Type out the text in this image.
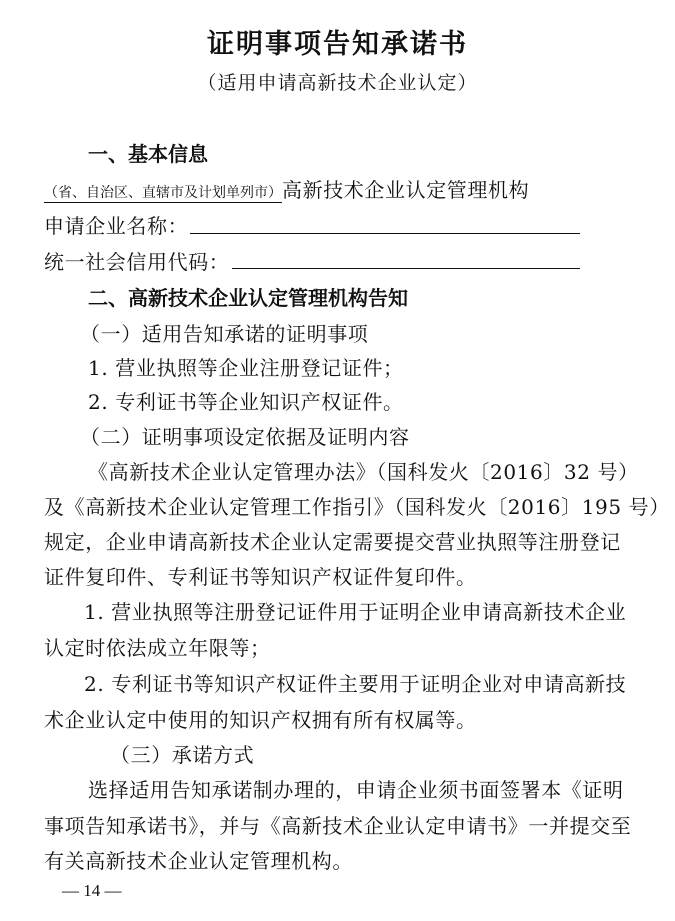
证明事项告知承诺书
（适用申请高新技术企业认定）
一、基本信息
（省、自治区、直辖市及计划单列市）高新技术企业认定管理机构
申请企业名称：
统一社会信用代码：
二、高新技术企业认定管理机构告知
（一）适用告知承诺的证明事项
1. 营业执照等企业注册登记证件；
2. 专利证书等企业知识产权证件。
（二）证明事项设定依据及证明内容
《高新技术企业认定管理办法》（国科发火〔2016〕32 号）
及《高新技术企业认定管理工作指引》（国科发火〔2016〕195 号）
规定，企业申请高新技术企业认定需要提交营业执照等注册登记
证件复印件、专利证书等知识产权证件复印件。
1. 营业执照等注册登记证件用于证明企业申请高新技术企业
认定时依法成立年限等；
2. 专利证书等知识产权证件主要用于证明企业对申请高新技
术企业认定中使用的知识产权拥有所有权属等。
（三）承诺方式
选择适用告知承诺制办理的，申请企业须书面签署本《证明
事项告知承诺书》，并与《高新技术企业认定申请书》一并提交至
有关高新技术企业认定管理机构。
— 14 —
